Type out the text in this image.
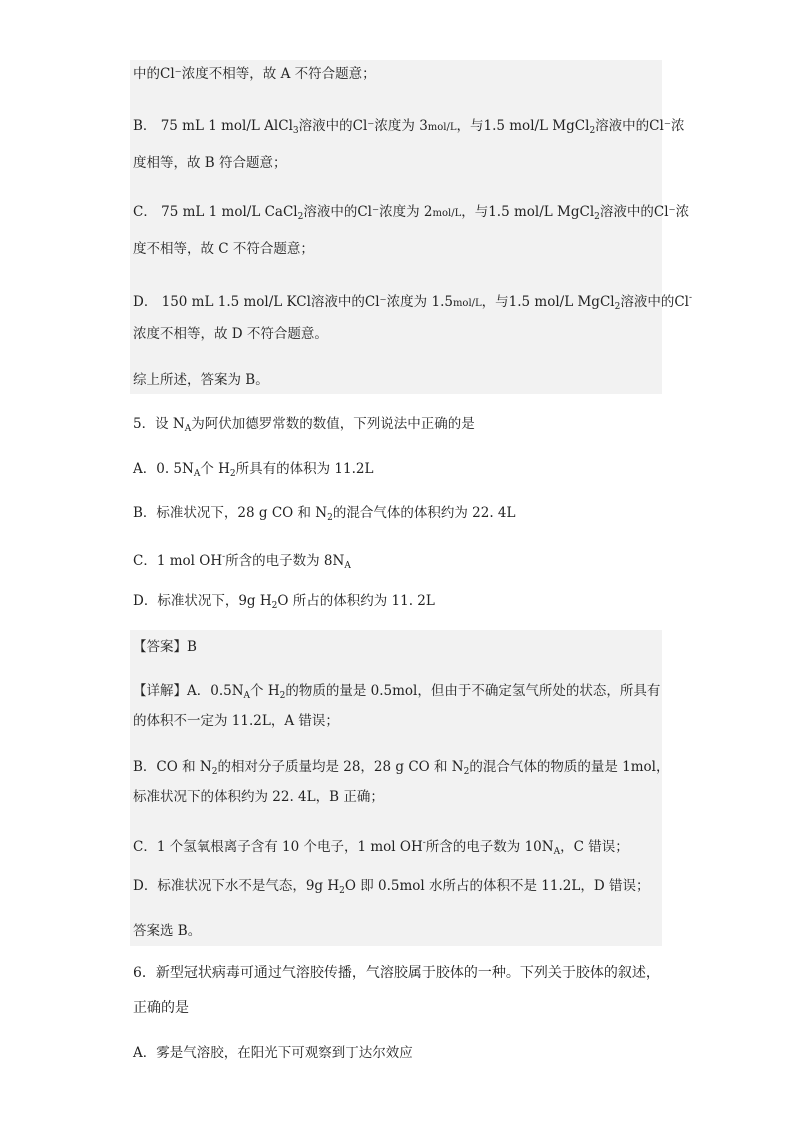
中的Cl⁻浓度不相等，故 A 不符合题意；
B． 75 mL 1 mol/L AlCl$_3$溶液中的Cl⁻浓度为 3mol/L，与1.5 mol/L MgCl$_2$溶液中的Cl⁻浓
度相等，故 B 符合题意；
C． 75 mL 1 mol/L CaCl$_2$溶液中的Cl⁻浓度为 2mol/L，与1.5 mol/L MgCl$_2$溶液中的Cl⁻浓
度不相等，故 C 不符合题意；
D． 150 mL 1.5 mol/L KCl溶液中的Cl⁻浓度为 1.5mol/L，与1.5 mol/L MgCl$_2$溶液中的Cl-
浓度不相等，故 D 不符合题意。
综上所述，答案为 B。
5．设 $N_A$为阿伏加德罗常数的数值，下列说法中正确的是
A．0. $5N_A$个 $H_2$所具有的体积为 11.2L
B．标准状况下，28 g CO 和 $N_2$的混合气体的体积约为 22. 4L
C．1 mol OH-所含的电子数为 $8N_A$
D．标准状况下，9g $H_2O$ 所占的体积约为 11. 2L
【答案】B
【详解】A．$0.5N_A$个 $H_2$的物质的量是 0.5mol，但由于不确定氢气所处的状态，所具有
的体积不一定为 11.2L，A 错误；
B．CO 和 $N_2$的相对分子质量均是 28，28 g CO 和 $N_2$的混合气体的物质的量是 1mol，
标准状况下的体积约为 22. 4L，B 正确；
C．1 个氢氧根离子含有 10 个电子，1 mol OH-所含的电子数为 $10N_A$，C 错误；
D．标准状况下水不是气态，9g $H_2O$ 即 0.5mol 水所占的体积不是 11.2L，D 错误；
答案选 B。
6．新型冠状病毒可通过气溶胶传播，气溶胶属于胶体的一种。下列关于胶体的叙述，
正确的是
A．雾是气溶胶，在阳光下可观察到丁达尔效应
